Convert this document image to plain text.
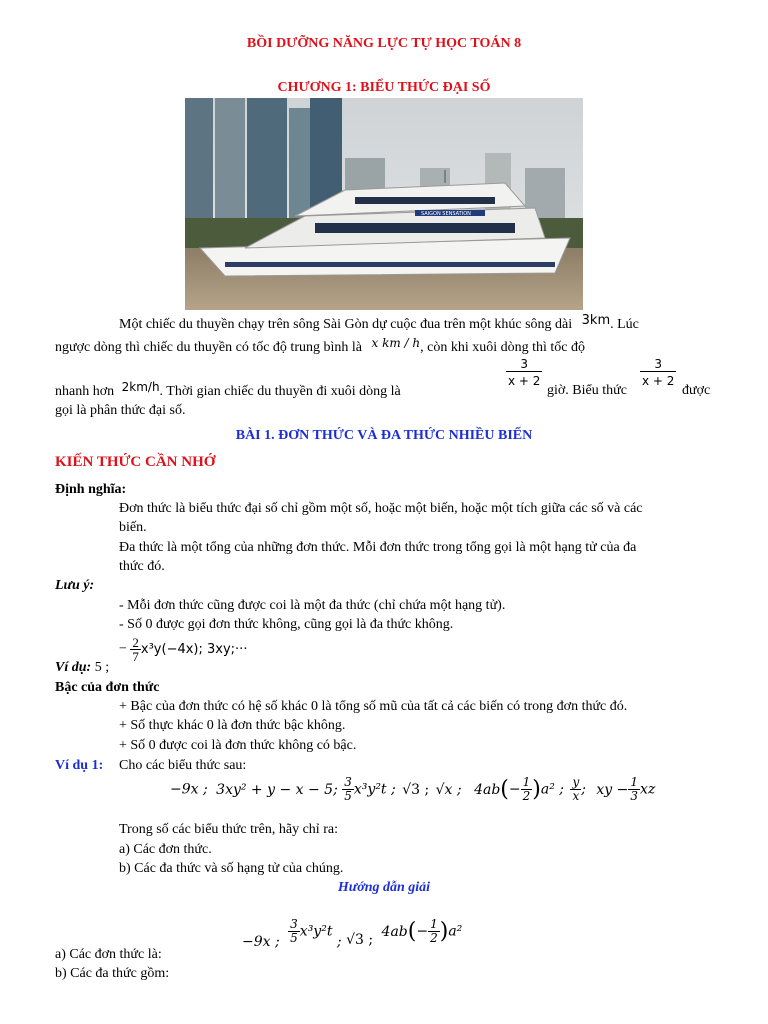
BỒI DƯỠNG NĂNG LỰC TỰ HỌC TOÁN 8
CHƯƠNG 1: BIỂU THỨC ĐẠI SỐ
SAIGON SENSATION
Một chiếc du thuyền chạy trên sông Sài Gòn dự cuộc đua trên một khúc sông dài 3km. Lúc
ngược dòng thì chiếc du thuyền có tốc độ trung bình là x km / h, còn khi xuôi dòng thì tốc độ
nhanh hơn 2km/h. Thời gian chiếc du thuyền đi xuôi dòng là
$\frac{3}{x + 2}$
giờ. Biểu thức
$\frac{3}{x + 2}$
được
gọi là phân thức đại số.
BÀI 1. ĐƠN THỨC VÀ ĐA THỨC NHIỀU BIẾN
KIẾN THỨC CẦN NHỚ
Định nghĩa:
Đơn thức là biểu thức đại số chỉ gồm một số, hoặc một biến, hoặc một tích giữa các số và các
biến.
Đa thức là một tổng của những đơn thức. Mỗi đơn thức trong tổng gọi là một hạng tử của đa
thức đó.
Lưu ý:
- Mỗi đơn thức cũng được coi là một đa thức (chỉ chứa một hạng tử).
- Số 0 được gọi đơn thức không, cũng gọi là đa thức không.
Ví dụ: 5 ;
− $\frac{2}{7} x^3y(-4x)$; 3xy;···
Bậc của đơn thức
+ Bậc của đơn thức có hệ số khác 0 là tổng số mũ của tất cả các biến có trong đơn thức đó.
+ Số thực khác 0 là đơn thức bậc không.
+ Số 0 được coi là đơn thức không có bậc.
Ví dụ 1: Cho các biểu thức sau:
−9x ; 3xy² + y − x − 5; $\frac{3}{5} x^3y^2t$ ; √3 ; √x ; $4ab(- \frac{1}{2} )a^2$ ; $\frac{y}{x}$ ; xy − $\frac{1}{3}$ xz
Trong số các biểu thức trên, hãy chỉ ra:
a) Các đơn thức.
b) Các đa thức và số hạng tử của chúng.
Hướng dẫn giải
a) Các đơn thức là:
−9x ; $\frac{3}{5} x^3y^2t$ ; √3 ; $4ab(- \frac{1}{2} )a^2$
b) Các đa thức gồm:
